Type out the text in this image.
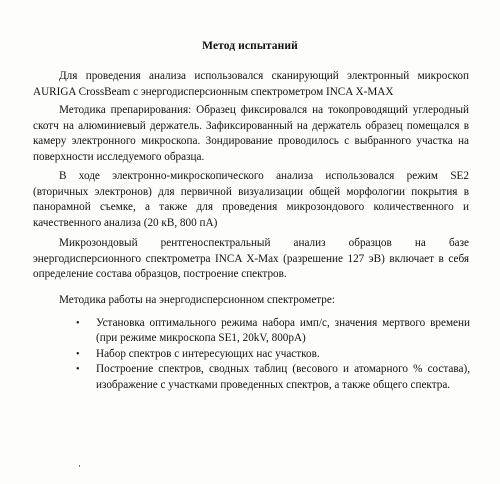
Метод испытаний
Для проведения анализа использовался сканирующий электронный микроскоп AURIGA CrossBeam с энергодисперсионным спектрометром INCA X-MAX
Методика препарирования: Образец фиксировался на токопроводящий углеродный скотч на алюминиевый держатель. Зафиксированный на держатель образец помещался в камеру электронного микроскопа. Зондирование проводилось с выбранного участка на поверхности исследуемого образца.
В ходе электронно-микроскопического анализа использовался режим SE2 (вторичных электронов) для первичной визуализации общей морфологии покрытия в панорамной съемке, а также для проведения микрозондового количественного и качественного анализа (20 кВ, 800 пА)
Микрозондовый рентгеноспектральный анализ образцов на базе энергодисперсионного спектрометра INCA X-Max (разрешение 127 эВ) включает в себя определение состава образцов, построение спектров.
Методика работы на энергодисперсионном спектрометре:
• Установка оптимального режима набора имп/с, значения мертвого времени (при режиме микроскопа SE1, 20kV, 800pA)
• Набор спектров с интересующих нас участков.
• Построение спектров, сводных таблиц (весового и атомарного % состава), изображение с участками проведенных спектров, а также общего спектра.
